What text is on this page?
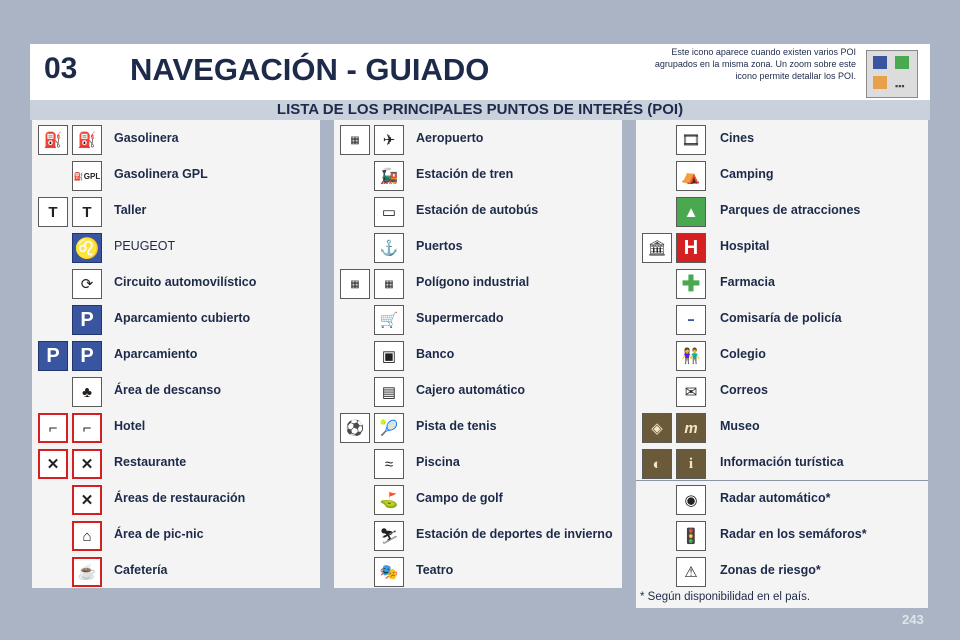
03 NAVEGACIÓN - GUIADO	Este icono aparece cuando existen varios POI agrupados en la misma zona. Un zoom sobre este icono permite detallar los POI.
▪▪▪
LISTA DE LOS PRINCIPALES PUNTOS DE INTERÉS (POI)
⛽	⛽	Gasolinera
⛽GPL Gasolinera GPL
T	T	Taller
♌ PEUGEOT
⟳	Circuito automovilístico
P	Aparcamiento cubierto
P	P	Aparcamiento
♣	Área de descanso
⌐	⌐	Hotel
✕	✕	Restaurante
✕	Áreas de restauración
⌂	Área de pic-nic
☕	Cafetería
▦	✈	Aeropuerto
🚂	Estación de tren
▭	Estación de autobús
⚓	Puertos
▦	▦	Polígono industrial
🛒	Supermercado
▣	Banco
▤	Cajero automático
⚽	🎾	Pista de tenis
≈	Piscina
⛳	Campo de golf
⛷	Estación de deportes de invierno
🎭	Teatro
🎞	Cines
⛺	Camping
▲	Parques de atracciones
🏛 H	Hospital
✚	Farmacia
▬	Comisaría de policía
👫	Colegio
✉	Correos
◈	m	Museo
◐	i	Información turística
◉	Radar automático*
🚦	Radar en los semáforos*
⚠	Zonas de riesgo*
* Según disponibilidad en el país.
243
